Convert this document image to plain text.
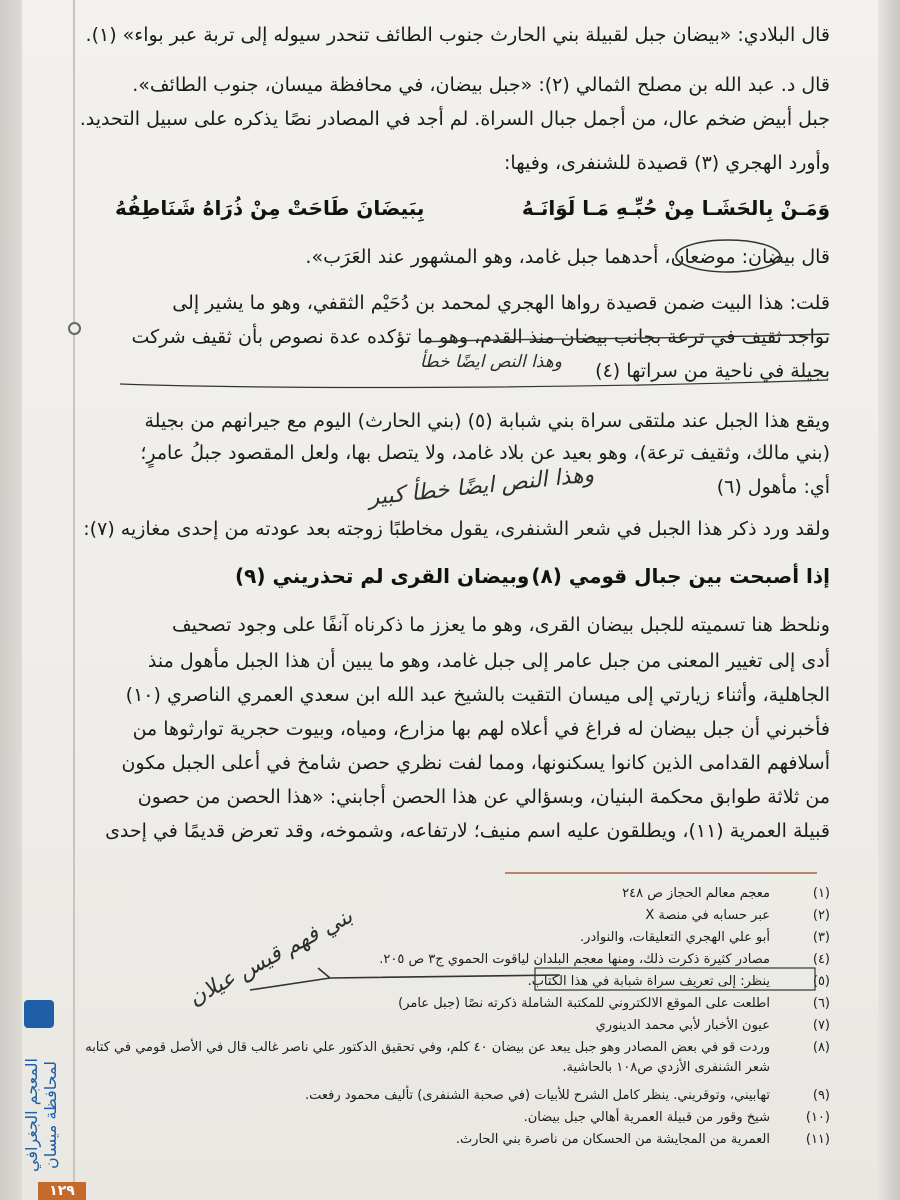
قال البلادي: «بيضان جبل لقبيلة بني الحارث جنوب الطائف تنحدر سيوله إلى تربة عبر بواء» (١).
قال د. عبد الله بن مصلح الثمالي (٢): «جبل بيضان، في محافظة ميسان، جنوب الطائف».
جبل أبيض ضخم عال، من أجمل جبال السراة. لم أجد في المصادر نصًا يذكره على سبيل التحديد.
وأورد الهجري (٣) قصيدة للشنفرى، وفيها:
وَمَـنْ بِالحَشَـا مِنْ حُبِّـهِ مَـا لَوَانَـهُ
بِبَيضَانَ طَاحَتْ مِنْ ذُرَاهُ شَنَاطِفُهُ
قال بيضان: موضعان، أحدهما جبل غامد، وهو المشهور عند العَرَب».
قلت: هذا البيت ضمن قصيدة رواها الهجري لمحمد بن دُحَيْم الثقفي، وهو ما يشير إلى
تواجد ثقيف في ترعة بجانب بيضان منذ القدم، وهو ما تؤكده عدة نصوص بأن ثقيف شركت
بجيلة في ناحية من سراتها (٤)
ويقع هذا الجبل عند ملتقى سراة بني شبابة (٥) (بني الحارث) اليوم مع جيرانهم من بجيلة
(بني مالك، وثقيف ترعة)، وهو بعيد عن بلاد غامد، ولا يتصل بها، ولعل المقصود جبلُ عامرٍ؛
أي: مأهول (٦)
ولقد ورد ذكر هذا الجبل في شعر الشنفرى، يقول مخاطبًا زوجته بعد عودته من إحدى مغازيه (٧):
إذا أصبحت بين جبال قومي (٨)
وبيضان القرى لم تحذريني (٩)
ونلحظ هنا تسميته للجبل بيضان القرى، وهو ما يعزز ما ذكرناه آنفًا على وجود تصحيف
أدى إلى تغيير المعنى من جبل عامر إلى جبل غامد، وهو ما يبين أن هذا الجبل مأهول منذ
الجاهلية، وأثناء زيارتي إلى ميسان التقيت بالشيخ عبد الله ابن سعدي العمري الناصري (١٠)
فأخبرني أن جبل بيضان له فراغ في أعلاه لهم بها مزارع، ومياه، وبيوت حجرية توارثوها من
أسلافهم القدامى الذين كانوا يسكنونها، ومما لفت نظري حصن شامخ في أعلى الجبل مكون
من ثلاثة طوابق محكمة البنيان، وبسؤالي عن هذا الحصن أجابني: «هذا الحصن من حصون
قبيلة العمرية (١١)، ويطلقون عليه اسم منيف؛ لارتفاعه، وشموخه، وقد تعرض قديمًا في إحدى
(١)معجم معالم الحجاز ص ٢٤٨
(٢)عبر حسابه في منصة X
(٣)أبو علي الهجري التعليقات، والنوادر.
(٤)مصادر كثيرة ذكرت ذلك، ومنها معجم البلدان لياقوت الحموي ج٣ ص ٢٠٥.
(٥)ينظر: إلى تعريف سراة شبابة في هذا الكتاب.
(٦)اطلعت على الموقع الالكتروني للمكتبة الشاملة ذكرته نصًا (جبل عامر)
(٧)عيون الأخبار لأبي محمد الدينوري
(٨)وردت قو في بعض المصادر وهو جبل يبعد عن بيضان ٤٠ كلم، وفي تحقيق الدكتور علي ناصر غالب قال في الأصل قومي في كتابه
شعر الشنفرى الأزدي ص١٠٨ بالحاشية.
(٩)تهابيني، وتوقريني. ينظر كامل الشرح للأبيات (في صحبة الشنفرى) تأليف محمود رفعت.
(١٠)شيخ وقور من قبيلة العمرية أهالي جبل بيضان.
(١١)العمرية من المجايشة من الحسكان من ناصرة بني الحارث.
وهذا النص ايضًا خطأ
وهذا النص ايضًا خطأ كبير
بني فهم قيس عيلان
المعجم الجغرافي لمحافظة ميسان
١٢٩
